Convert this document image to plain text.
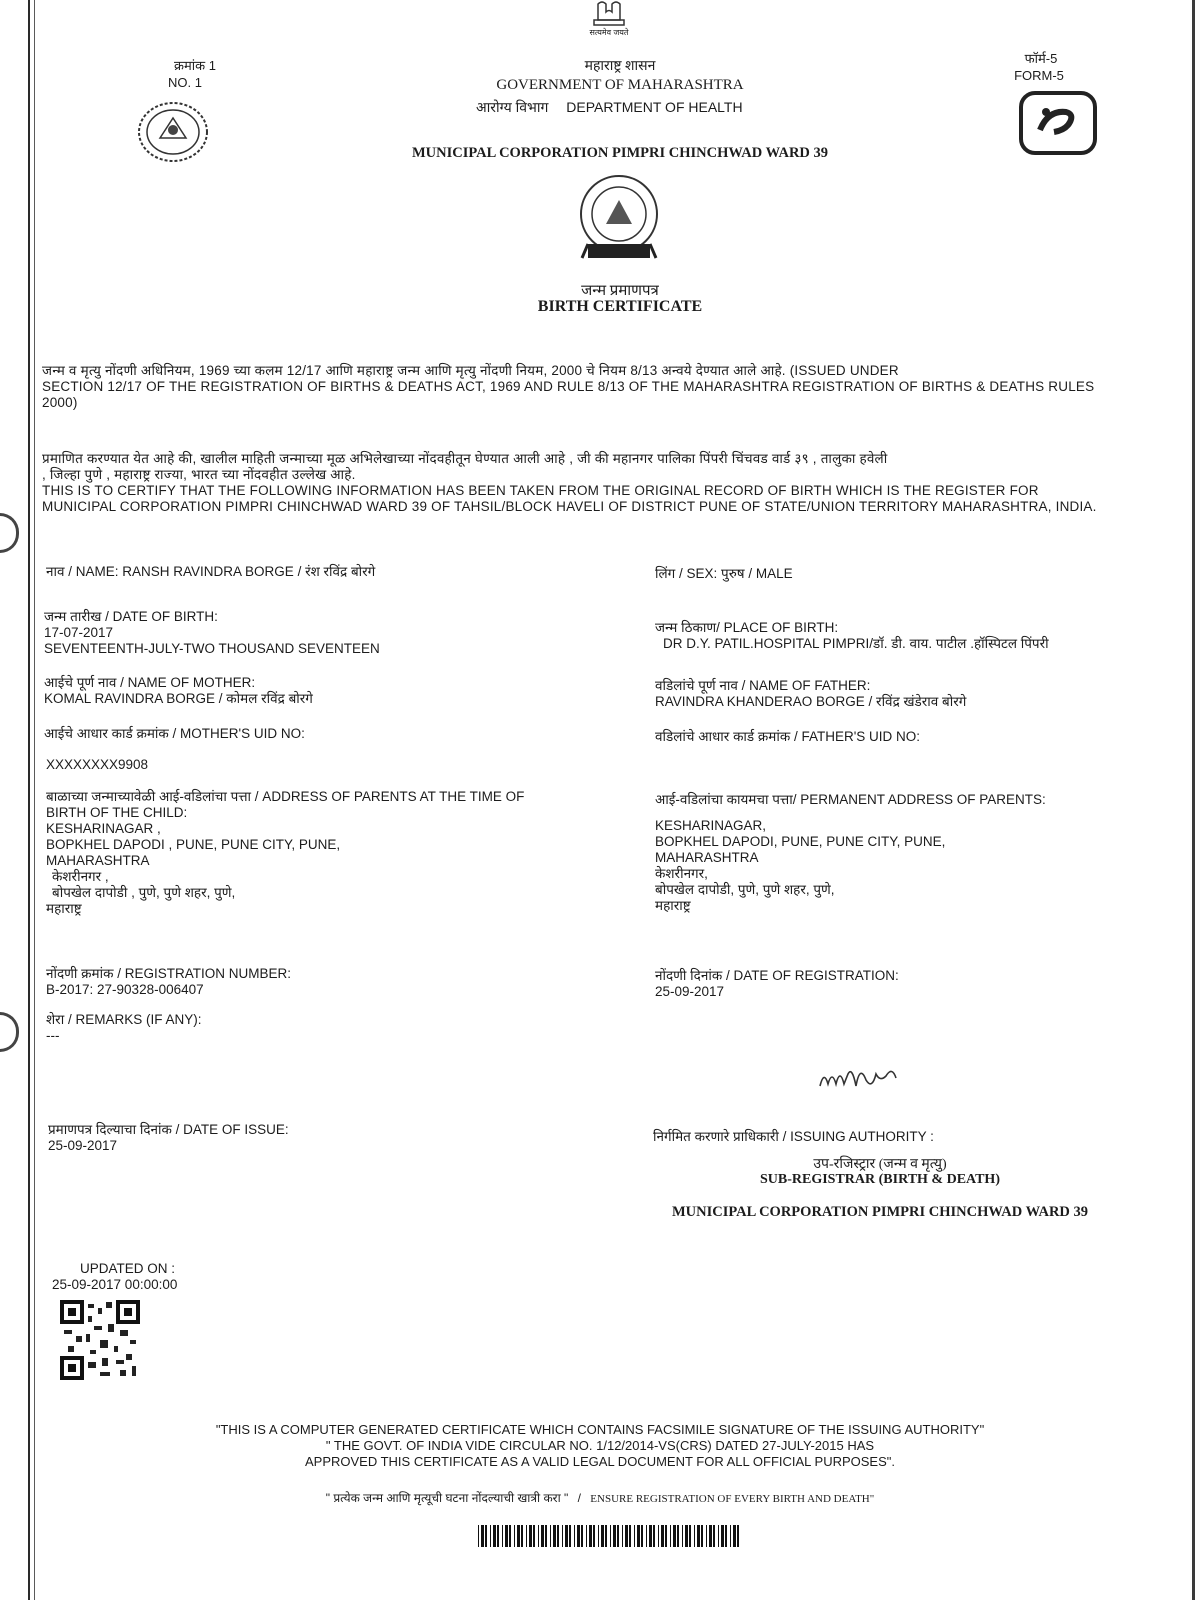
सत्यमेव जयते
क्रमांक 1
NO. 1
फॉर्म-5
FORM-5
महाराष्ट्र शासन
GOVERNMENT OF MAHARASHTRA
आरोग्य विभाग DEPARTMENT OF HEALTH
MUNICIPAL CORPORATION PIMPRI CHINCHWAD WARD 39
जन्म प्रमाणपत्र
BIRTH CERTIFICATE
जन्म व मृत्यु नोंदणी अधिनियम, 1969 च्या कलम 12/17 आणि महाराष्ट्र जन्म आणि मृत्यु नोंदणी नियम, 2000 चे नियम 8/13 अन्वये देण्यात आले आहे. (ISSUED UNDER
SECTION 12/17 OF THE REGISTRATION OF BIRTHS & DEATHS ACT, 1969 AND RULE 8/13 OF THE MAHARASHTRA REGISTRATION OF BIRTHS & DEATHS RULES
2000)
प्रमाणित करण्यात येत आहे की, खालील माहिती जन्माच्या मूळ अभिलेखाच्या नोंदवहीतून घेण्यात आली आहे , जी की महानगर पालिका पिंपरी चिंचवड वार्ड ३९ , तालुका हवेली
, जिल्हा पुणे , महाराष्ट्र राज्या, भारत च्या नोंदवहीत उल्लेख आहे.
THIS IS TO CERTIFY THAT THE FOLLOWING INFORMATION HAS BEEN TAKEN FROM THE ORIGINAL RECORD OF BIRTH WHICH IS THE REGISTER FOR
MUNICIPAL CORPORATION PIMPRI CHINCHWAD WARD 39 OF TAHSIL/BLOCK HAVELI OF DISTRICT PUNE OF STATE/UNION TERRITORY MAHARASHTRA, INDIA.
नाव / NAME: RANSH RAVINDRA BORGE / रंश रविंद्र बोरगे	लिंग / SEX: पुरुष / MALE
जन्म तारीख / DATE OF BIRTH:
17-07-2017
SEVENTEENTH-JULY-TWO THOUSAND SEVENTEEN
जन्म ठिकाण/ PLACE OF BIRTH:
DR D.Y. PATIL.HOSPITAL PIMPRI/डॉ. डी. वाय. पाटील .हॉस्पिटल पिंपरी
आईचे पूर्ण नाव / NAME OF MOTHER:
KOMAL RAVINDRA BORGE / कोमल रविंद्र बोरगे
वडिलांचे पूर्ण नाव / NAME OF FATHER:
RAVINDRA KHANDERAO BORGE / रविंद्र खंडेराव बोरगे
आईचे आधार कार्ड क्रमांक / MOTHER'S UID NO:
XXXXXXXX9908
वडिलांचे आधार कार्ड क्रमांक / FATHER'S UID NO:
बाळाच्या जन्माच्यावेळी आई-वडिलांचा पत्ता / ADDRESS OF PARENTS AT THE TIME OF
BIRTH OF THE CHILD:
KESHARINAGAR ,
BOPKHEL DAPODI , PUNE, PUNE CITY, PUNE,
MAHARASHTRA
केशरीनगर ,
बोपखेल दापोडी , पुणे, पुणे शहर, पुणे,
महाराष्ट्र
आई-वडिलांचा कायमचा पत्ता/ PERMANENT ADDRESS OF PARENTS:
KESHARINAGAR,
BOPKHEL DAPODI, PUNE, PUNE CITY, PUNE,
MAHARASHTRA
केशरीनगर,
बोपखेल दापोडी, पुणे, पुणे शहर, पुणे,
महाराष्ट्र
नोंदणी क्रमांक / REGISTRATION NUMBER:
B-2017: 27-90328-006407
नोंदणी दिनांक / DATE OF REGISTRATION:
25-09-2017
शेरा / REMARKS (IF ANY):
---
प्रमाणपत्र दिल्याचा दिनांक / DATE OF ISSUE:
25-09-2017
निर्गमित करणारे प्राधिकारी / ISSUING AUTHORITY :
उप-रजिस्ट्रार (जन्म व मृत्यु)
SUB-REGISTRAR (BIRTH & DEATH)
MUNICIPAL CORPORATION PIMPRI CHINCHWAD WARD 39
UPDATED ON :
25-09-2017 00:00:00
"THIS IS A COMPUTER GENERATED CERTIFICATE WHICH CONTAINS FACSIMILE SIGNATURE OF THE ISSUING AUTHORITY"
" THE GOVT. OF INDIA VIDE CIRCULAR NO. 1/12/2014-VS(CRS) DATED 27-JULY-2015 HAS
APPROVED THIS CERTIFICATE AS A VALID LEGAL DOCUMENT FOR ALL OFFICIAL PURPOSES".
" प्रत्येक जन्म आणि मृत्यूची घटना नोंदल्याची खात्री करा " / ENSURE REGISTRATION OF EVERY BIRTH AND DEATH"
